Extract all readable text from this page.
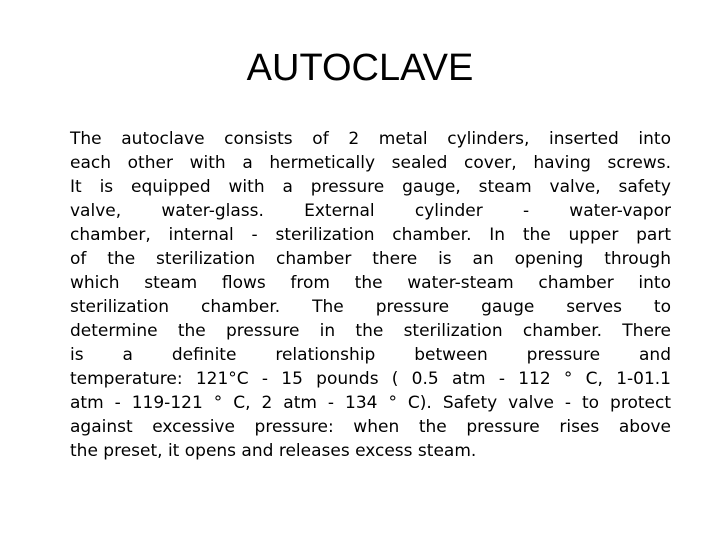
AUTOCLAVE
The autoclave consists of 2 metal cylinders, inserted into
each other with a hermetically sealed cover, having screws.
It is equipped with a pressure gauge, steam valve, safety
valve, water-glass. External cylinder - water-vapor
chamber, internal - sterilization chamber. In the upper part
of the sterilization chamber there is an opening through
which steam flows from the water-steam chamber into
sterilization chamber. The pressure gauge serves to
determine the pressure in the sterilization chamber. There
is a definite relationship between pressure and
temperature: 121°C - 15 pounds ( 0.5 atm - 112 ° C, 1-01.1
atm - 119-121 ° C, 2 atm - 134 ° C). Safety valve - to protect
against excessive pressure: when the pressure rises above
the preset, it opens and releases excess steam.
